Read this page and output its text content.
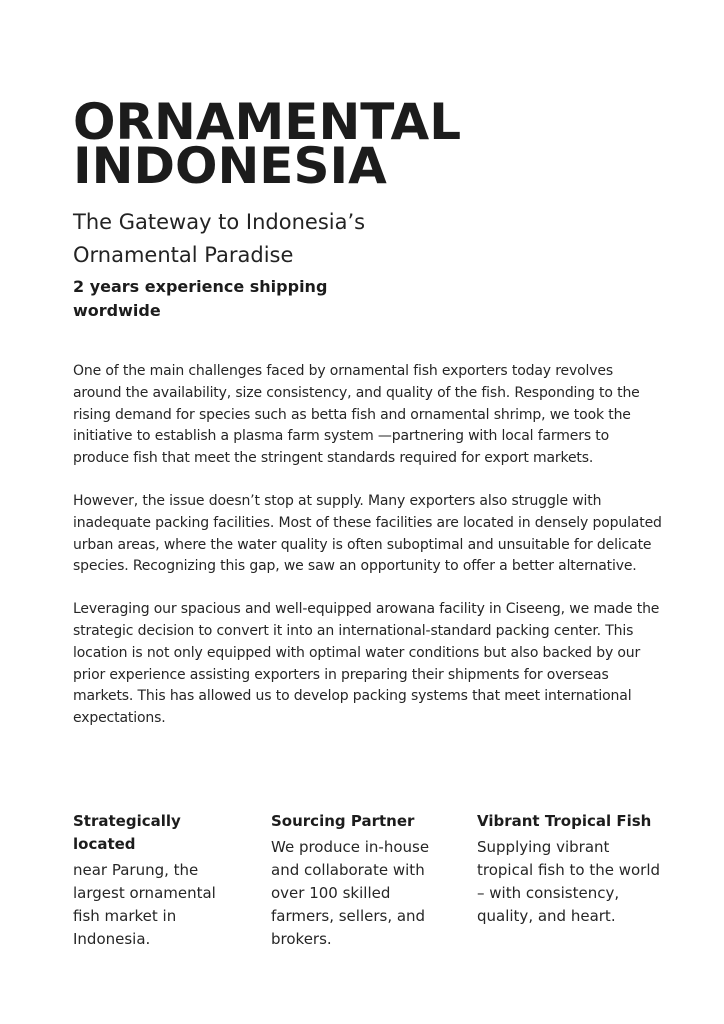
ORNAMENTAL
INDONESIA
The Gateway to Indonesia’s Ornamental Paradise
2 years experience shipping wordwide

One of the main challenges faced by ornamental fish exporters today revolves around the availability, size consistency, and quality of the fish. Responding to the rising demand for species such as betta fish and ornamental shrimp, we took the initiative to establish a plasma farm system —partnering with local farmers to produce fish that meet the stringent standards required for export markets.

However, the issue doesn’t stop at supply. Many exporters also struggle with inadequate packing facilities. Most of these facilities are located in densely populated urban areas, where the water quality is often suboptimal and unsuitable for delicate species. Recognizing this gap, we saw an opportunity to offer a better alternative.

Leveraging our spacious and well-equipped arowana facility in Ciseeng, we made the strategic decision to convert it into an international-standard packing center. This location is not only equipped with optimal water conditions but also backed by our prior experience assisting exporters in preparing their shipments for overseas markets. This has allowed us to develop packing systems that meet international expectations.

Strategically located

near Parung, the largest ornamental fish market in Indonesia.

Sourcing Partner

We produce in-house and collaborate with over 100 skilled farmers, sellers, and brokers.

Vibrant Tropical Fish

Supplying vibrant tropical fish to the world – with consistency, quality, and heart.
